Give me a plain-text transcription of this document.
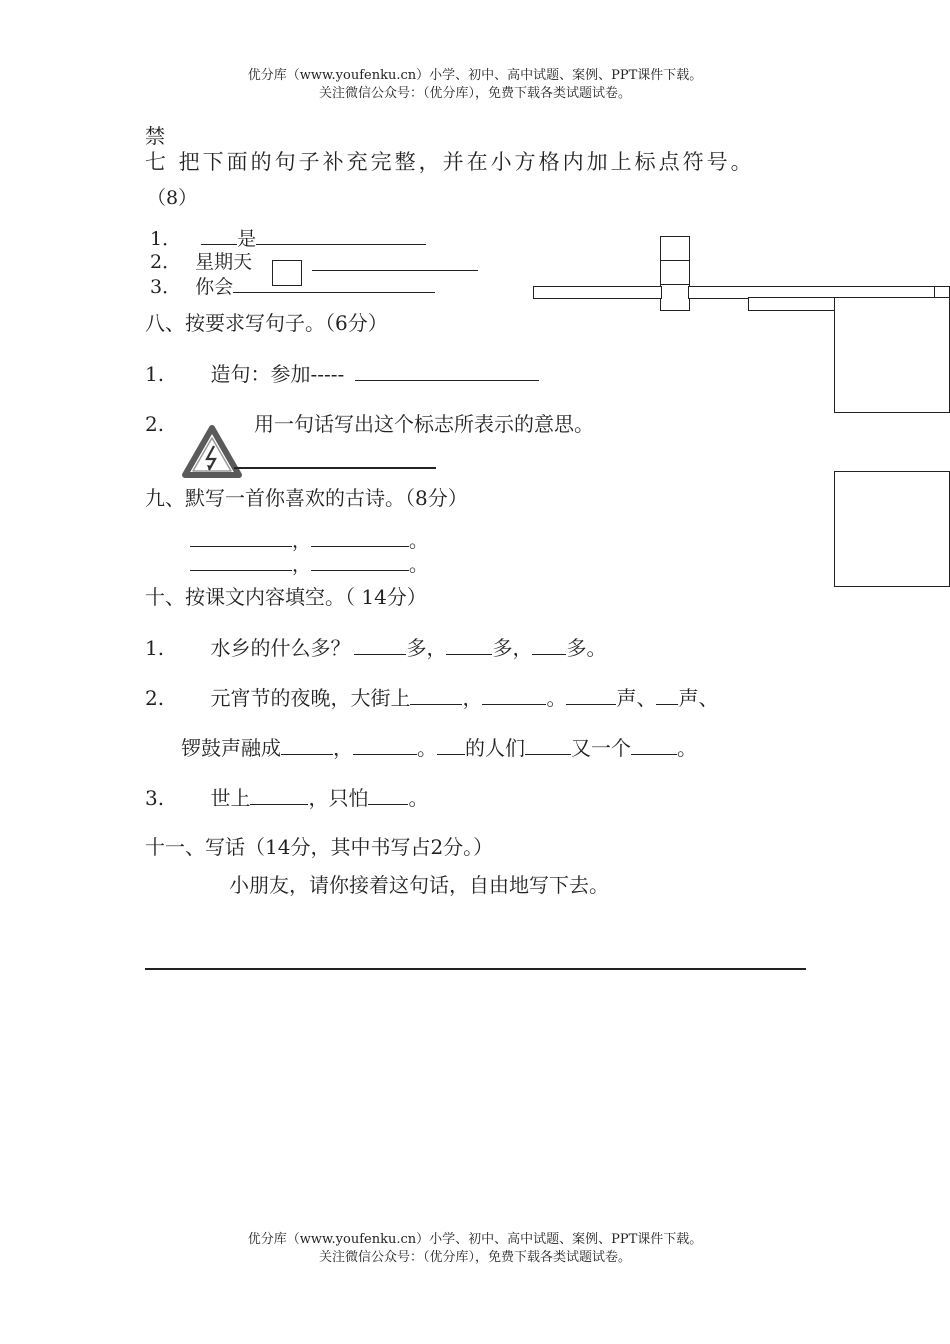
优分库（www.youfenku.cn）小学、初中、高中试题、案例、PPT课件下载。
关注微信公众号：（优分库），免费下载各类试题试卷。
禁
七 把下面的句子补充完整，并在小方格内加上标点符号。
（8）
1．	是
2． 星期天
3． 你会
八、按要求写句子。（6分）
1. 造句：参加-----
2.	用一句话写出这个标志所表示的意思。
九、默写一首你喜欢的古诗。（8分）
，	。
，	。
十、按课文内容填空。（ 14分）
1. 水乡的什么多？	多， 多， 多。
2. 元宵节的夜晚，大街上	，	。	声、 声、
锣鼓声融成	，	。 的人们 又一个 。
3. 世上	，只怕 。
十一、写话（14分，其中书写占2分。）
小朋友，请你接着这句话，自由地写下去。
优分库（www.youfenku.cn）小学、初中、高中试题、案例、PPT课件下载。
关注微信公众号：（优分库），免费下载各类试题试卷。
